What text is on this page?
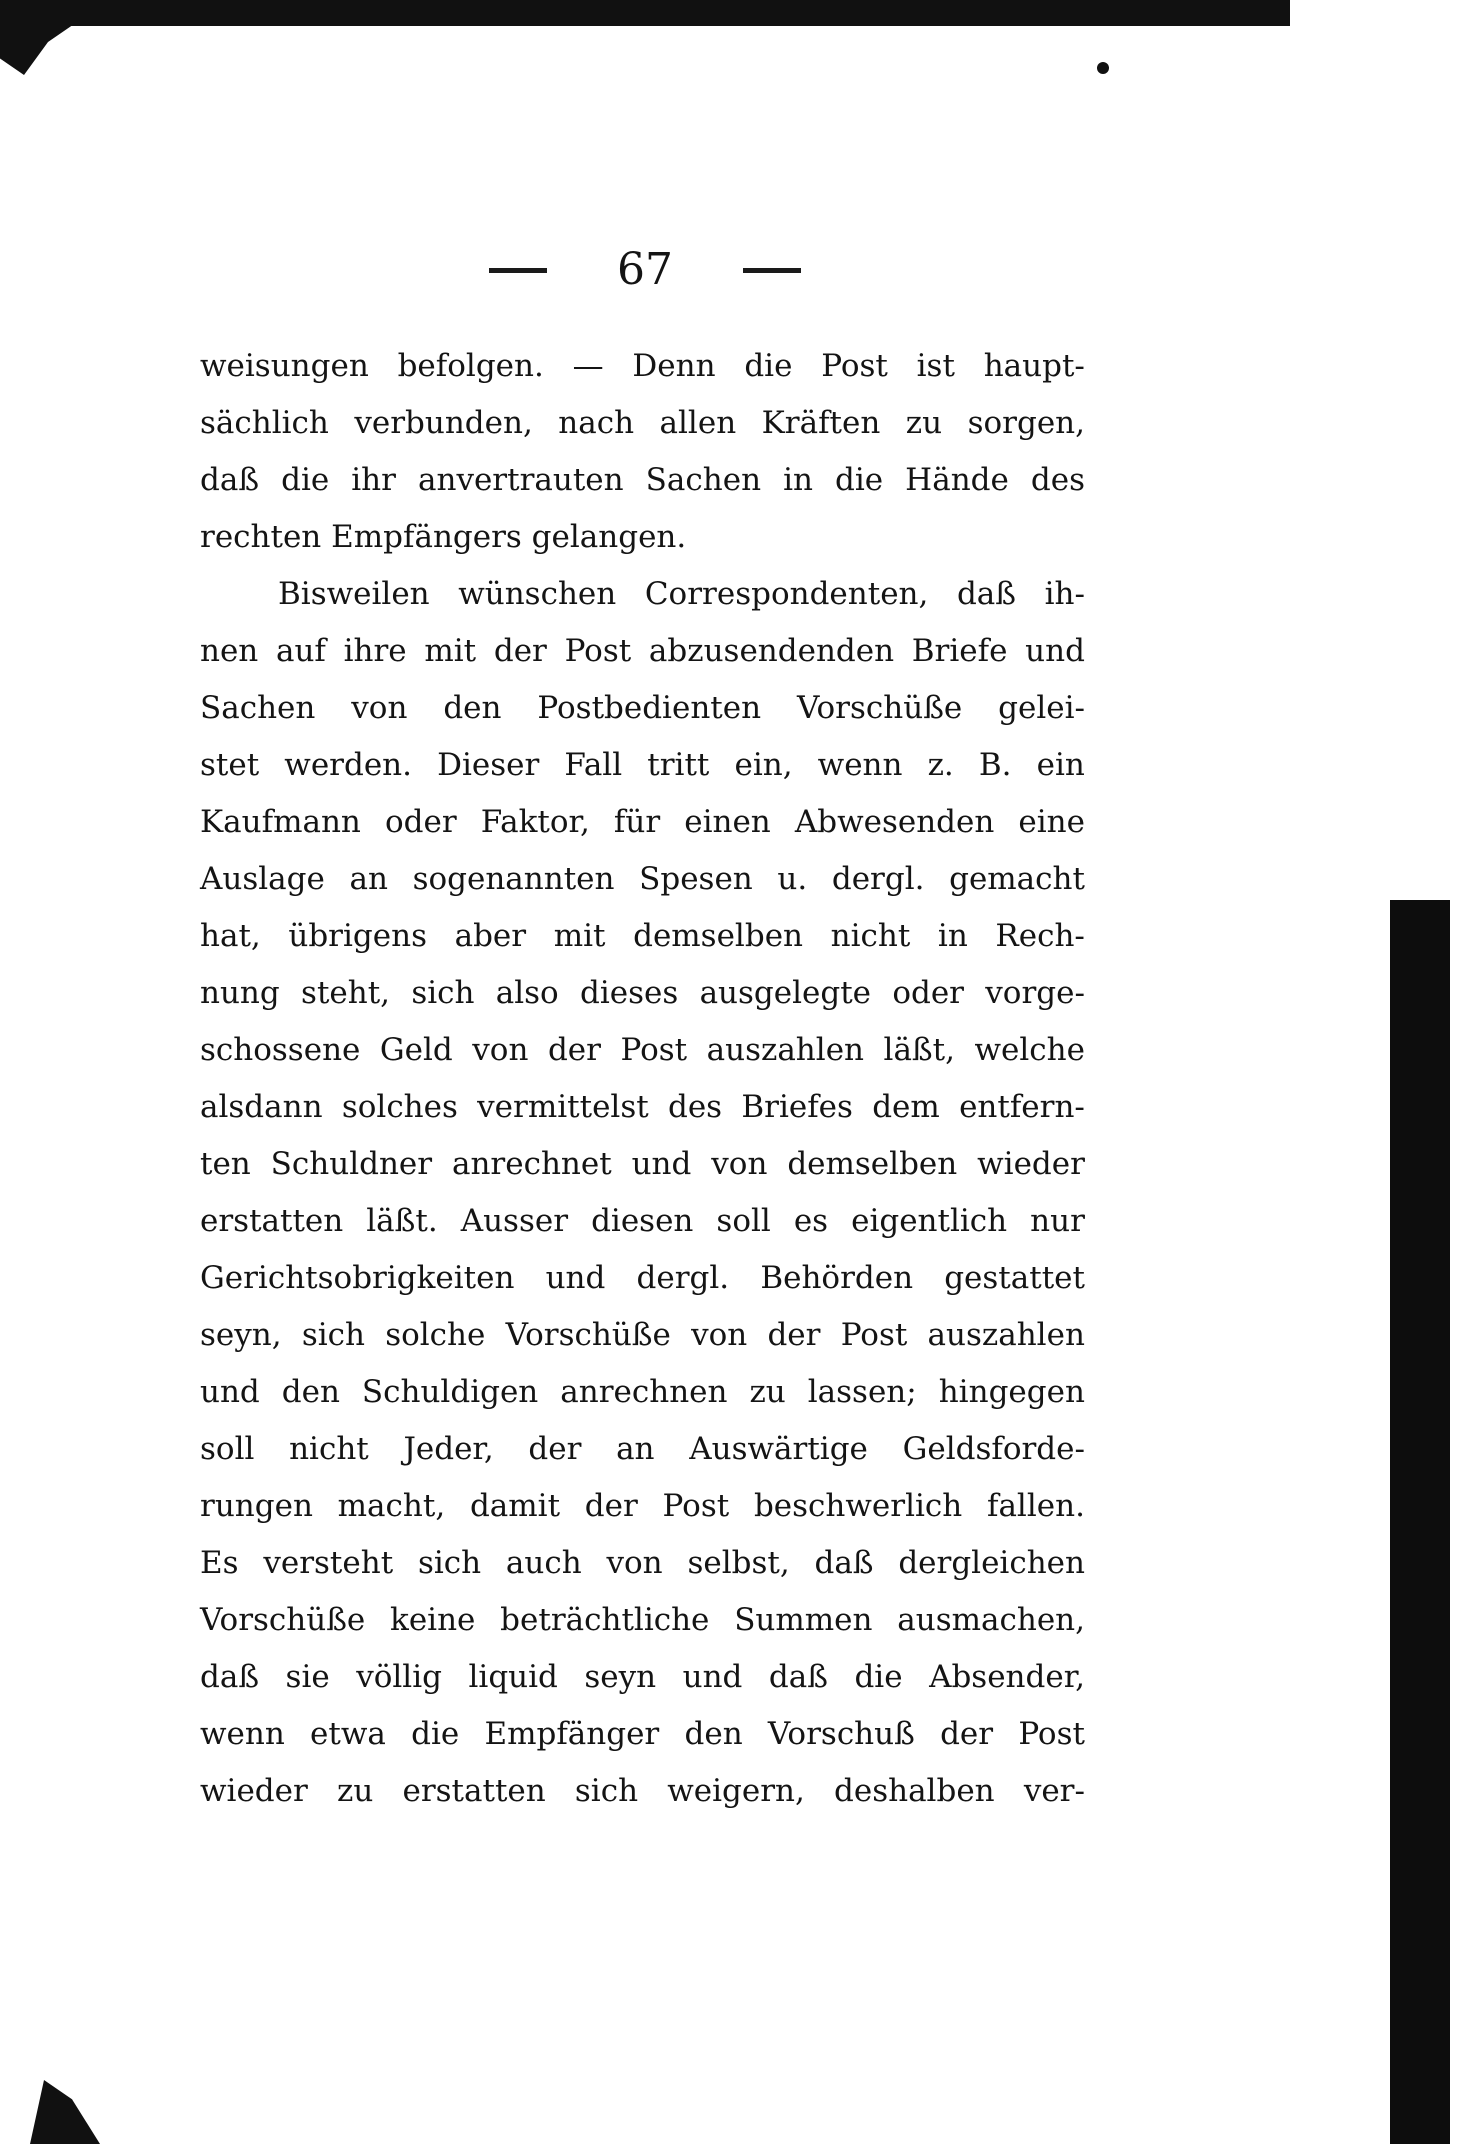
67
weisungen befolgen. — Denn die Post ist haupt-
sächlich verbunden, nach allen Kräften zu sorgen,
daß die ihr anvertrauten Sachen in die Hände des
rechten Empfängers gelangen.
Bisweilen wünschen Correspondenten, daß ih-
nen auf ihre mit der Post abzusendenden Briefe und
Sachen von den Postbedienten Vorschüße gelei-
stet werden. Dieser Fall tritt ein, wenn z. B. ein
Kaufmann oder Faktor, für einen Abwesenden eine
Auslage an sogenannten Spesen u. dergl. gemacht
hat, übrigens aber mit demselben nicht in Rech-
nung steht, sich also dieses ausgelegte oder vorge-
schossene Geld von der Post auszahlen läßt, welche
alsdann solches vermittelst des Briefes dem entfern-
ten Schuldner anrechnet und von demselben wieder
erstatten läßt. Ausser diesen soll es eigentlich nur
Gerichtsobrigkeiten und dergl. Behörden gestattet
seyn, sich solche Vorschüße von der Post auszahlen
und den Schuldigen anrechnen zu lassen; hingegen
soll nicht Jeder, der an Auswärtige Geldsforde-
rungen macht, damit der Post beschwerlich fallen.
Es versteht sich auch von selbst, daß dergleichen
Vorschüße keine beträchtliche Summen ausmachen,
daß sie völlig liquid seyn und daß die Absender,
wenn etwa die Empfänger den Vorschuß der Post
wieder zu erstatten sich weigern, deshalben ver-
